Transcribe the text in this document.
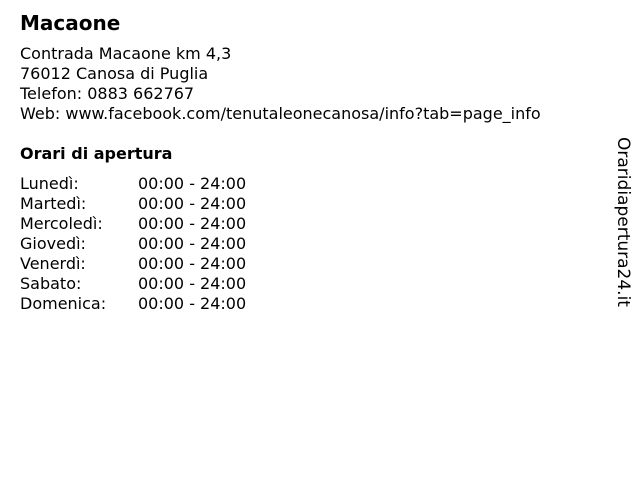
Macaone
Contrada Macaone km 4,3
76012 Canosa di Puglia
Telefon: 0883 662767
Web: www.facebook.com/tenutaleonecanosa/info?tab=page_info
Orari di apertura
Lunedì:	00:00 - 24:00
Martedì:	00:00 - 24:00
Mercoledì:	00:00 - 24:00
Giovedì:	00:00 - 24:00
Venerdì:	00:00 - 24:00
Sabato:	00:00 - 24:00
Domenica:	00:00 - 24:00	Oraridiapertura24.it
